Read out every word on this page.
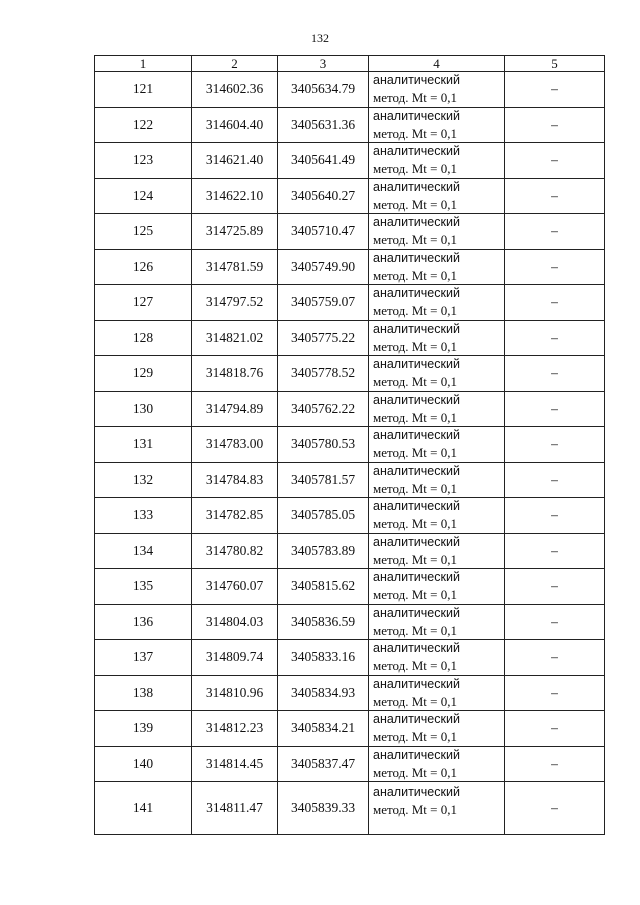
132
1	2	3	4	5
121	314602.36	3405634.79	аналитический
метод. Mt = 0,1	–
122	314604.40	3405631.36	аналитический
метод. Mt = 0,1	–
123	314621.40	3405641.49	аналитический
метод. Mt = 0,1	–
124	314622.10	3405640.27	аналитический
метод. Mt = 0,1	–
125	314725.89	3405710.47	аналитический
метод. Mt = 0,1	–
126	314781.59	3405749.90	аналитический
метод. Mt = 0,1	–
127	314797.52	3405759.07	аналитический
метод. Mt = 0,1	–
128	314821.02	3405775.22	аналитический
метод. Mt = 0,1	–
129	314818.76	3405778.52	аналитический
метод. Mt = 0,1	–
130	314794.89	3405762.22	аналитический
метод. Mt = 0,1	–
131	314783.00	3405780.53	аналитический
метод. Mt = 0,1	–
132	314784.83	3405781.57	аналитический
метод. Mt = 0,1	–
133	314782.85	3405785.05	аналитический
метод. Mt = 0,1	–
134	314780.82	3405783.89	аналитический
метод. Mt = 0,1	–
135	314760.07	3405815.62	аналитический
метод. Mt = 0,1	–
136	314804.03	3405836.59	аналитический
метод. Mt = 0,1	–
137	314809.74	3405833.16	аналитический
метод. Mt = 0,1	–
138	314810.96	3405834.93	аналитический
метод. Mt = 0,1	–
139	314812.23	3405834.21	аналитический
метод. Mt = 0,1	–
140	314814.45	3405837.47	аналитический
метод. Mt = 0,1	–
141	314811.47	3405839.33	аналитический
метод. Mt = 0,1	–
